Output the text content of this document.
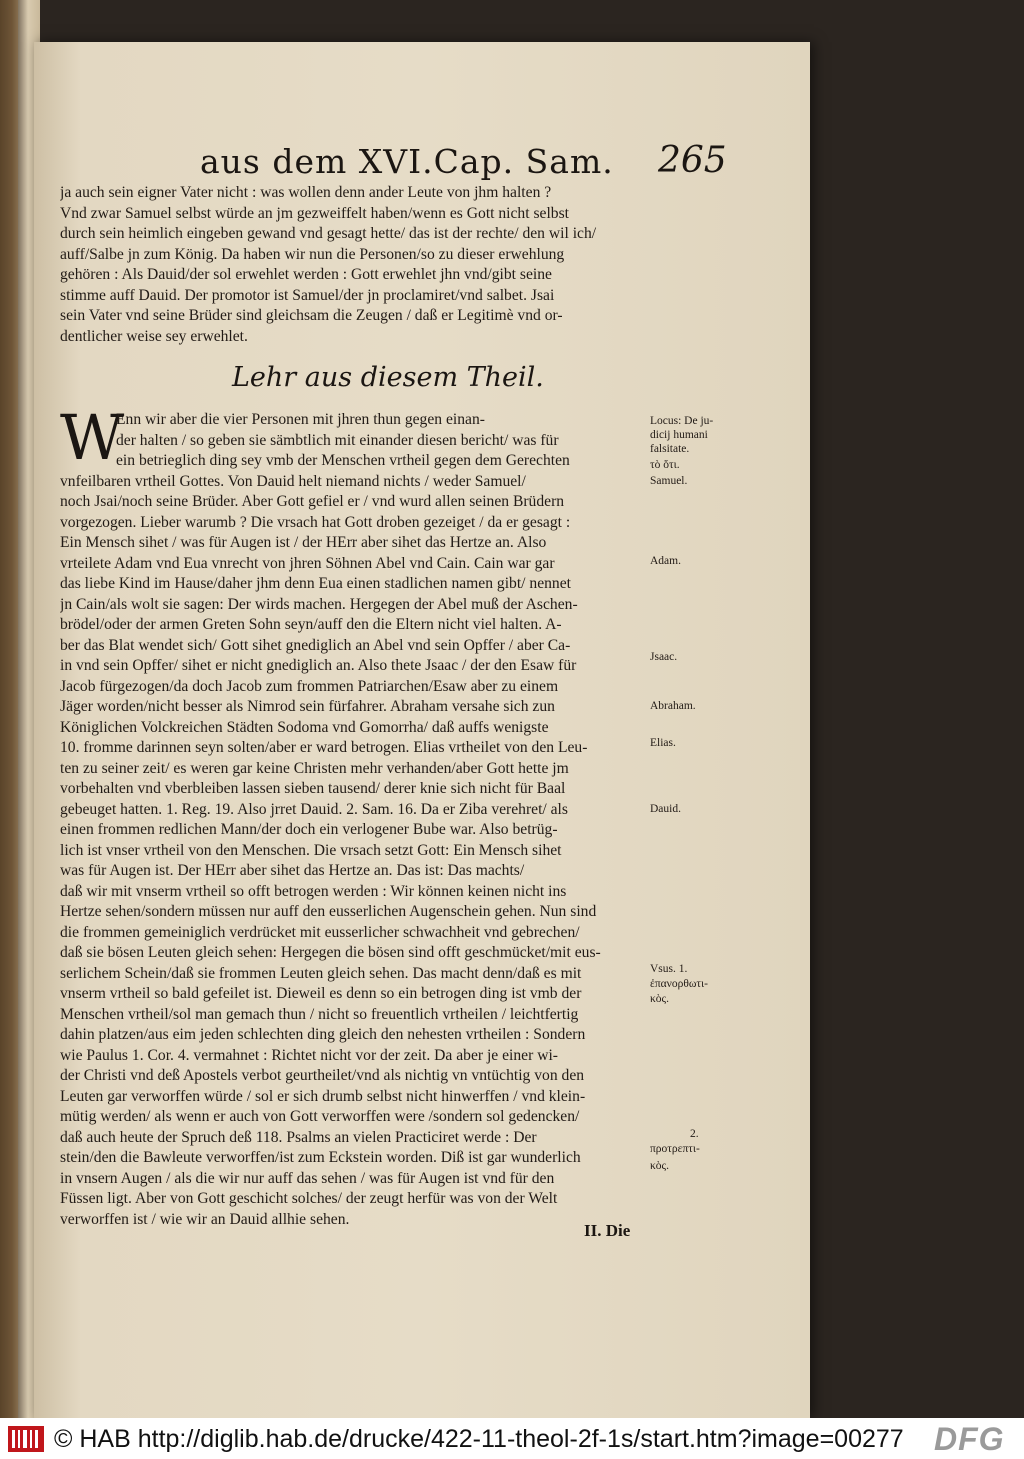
aus dem XVI.Cap. Sam. 265
ja auch sein eigner Vater nicht : was wollen denn ander Leute von jhm halten ?
Vnd zwar Samuel selbst würde an jm gezweiffelt haben/wenn es Gott nicht selbst
durch sein heimlich eingeben gewand vnd gesagt hette/ das ist der rechte/ den wil ich/
auff/Salbe jn zum König. Da haben wir nun die Personen/so zu dieser erwehlung
gehören : Als Dauid/der sol erwehlet werden : Gott erwehlet jhn vnd/gibt seine
stimme auff Dauid. Der promotor ist Samuel/der jn proclamiret/vnd salbet. Jsai
sein Vater vnd seine Brüder sind gleichsam die Zeugen / daß er Legitimè vnd or-
dentlicher weise sey erwehlet.
Lehr aus diesem Theil.
W
Enn wir aber die vier Personen mit jhren thun gegen einan-
der halten / so geben sie sämbtlich mit einander diesen bericht/ was für
ein betrieglich ding sey vmb der Menschen vrtheil gegen dem Gerechten
vnfeilbaren vrtheil Gottes. Von Dauid helt niemand nichts / weder Samuel/
noch Jsai/noch seine Brüder. Aber Gott gefiel er / vnd wurd allen seinen Brüdern
vorgezogen. Lieber warumb ? Die vrsach hat Gott droben gezeiget / da er gesagt :
Ein Mensch sihet / was für Augen ist / der HErr aber sihet das Hertze an. Also
vrteilete Adam vnd Eua vnrecht von jhren Söhnen Abel vnd Cain. Cain war gar
das liebe Kind im Hause/daher jhm denn Eua einen stadlichen namen gibt/ nennet
jn Cain/als wolt sie sagen: Der wirds machen. Hergegen der Abel muß der Aschen-
brödel/oder der armen Greten Sohn seyn/auff den die Eltern nicht viel halten. A-
ber das Blat wendet sich/ Gott sihet gnediglich an Abel vnd sein Opffer / aber Ca-
in vnd sein Opffer/ sihet er nicht gnediglich an. Also thete Jsaac / der den Esaw für
Jacob fürgezogen/da doch Jacob zum frommen Patriarchen/Esaw aber zu einem
Jäger worden/nicht besser als Nimrod sein fürfahrer. Abraham versahe sich zun
Königlichen Volckreichen Städten Sodoma vnd Gomorrha/ daß auffs wenigste
10. fromme darinnen seyn solten/aber er ward betrogen. Elias vrtheilet von den Leu-
ten zu seiner zeit/ es weren gar keine Christen mehr verhanden/aber Gott hette jm
vorbehalten vnd vberbleiben lassen sieben tausend/ derer knie sich nicht für Baal
gebeuget hatten. 1. Reg. 19. Also jrret Dauid. 2. Sam. 16. Da er Ziba verehret/ als
einen frommen redlichen Mann/der doch ein verlogener Bube war. Also betrüg-
lich ist vnser vrtheil von den Menschen. Die vrsach setzt Gott: Ein Mensch sihet
was für Augen ist. Der HErr aber sihet das Hertze an. Das ist: Das machts/
daß wir mit vnserm vrtheil so offt betrogen werden : Wir können keinen nicht ins
Hertze sehen/sondern müssen nur auff den eusserlichen Augenschein gehen. Nun sind
die frommen gemeiniglich verdrücket mit eusserlicher schwachheit vnd gebrechen/
daß sie bösen Leuten gleich sehen: Hergegen die bösen sind offt geschmücket/mit eus-
serlichem Schein/daß sie frommen Leuten gleich sehen. Das macht denn/daß es mit
vnserm vrtheil so bald gefeilet ist. Dieweil es denn so ein betrogen ding ist vmb der
Menschen vrtheil/sol man gemach thun / nicht so freuentlich vrtheilen / leichtfertig
dahin platzen/aus eim jeden schlechten ding gleich den nehesten vrtheilen : Sondern
wie Paulus 1. Cor. 4. vermahnet : Richtet nicht vor der zeit. Da aber je einer wi-
der Christi vnd deß Apostels verbot geurtheilet/vnd als nichtig vn vntüchtig von den
Leuten gar verworffen würde / sol er sich drumb selbst nicht hinwerffen / vnd klein-
mütig werden/ als wenn er auch von Gott verworffen were /sondern sol gedencken/
daß auch heute der Spruch deß 118. Psalms an vielen Practiciret werde : Der
stein/den die Bawleute verworffen/ist zum Eckstein worden. Diß ist gar wunderlich
in vnsern Augen / als die wir nur auff das sehen / was für Augen ist vnd für den
Füssen ligt. Aber von Gott geschicht solches/ der zeugt herfür was von der Welt
verworffen ist / wie wir an Dauid allhie sehen.
Locus: De ju-
dicij humani
falsitate.
τὸ ὅτι.
Samuel.
Adam.
Jsaac.
Abraham.
Elias.
Dauid.
Vsus. 1.
ἐπανορθωτι-
κὸς.
2.
προτρεπτι-
κὸς.
II. Die
© HAB http://diglib.hab.de/drucke/422-11-theol-2f-1s/start.htm?image=00277 DFG
